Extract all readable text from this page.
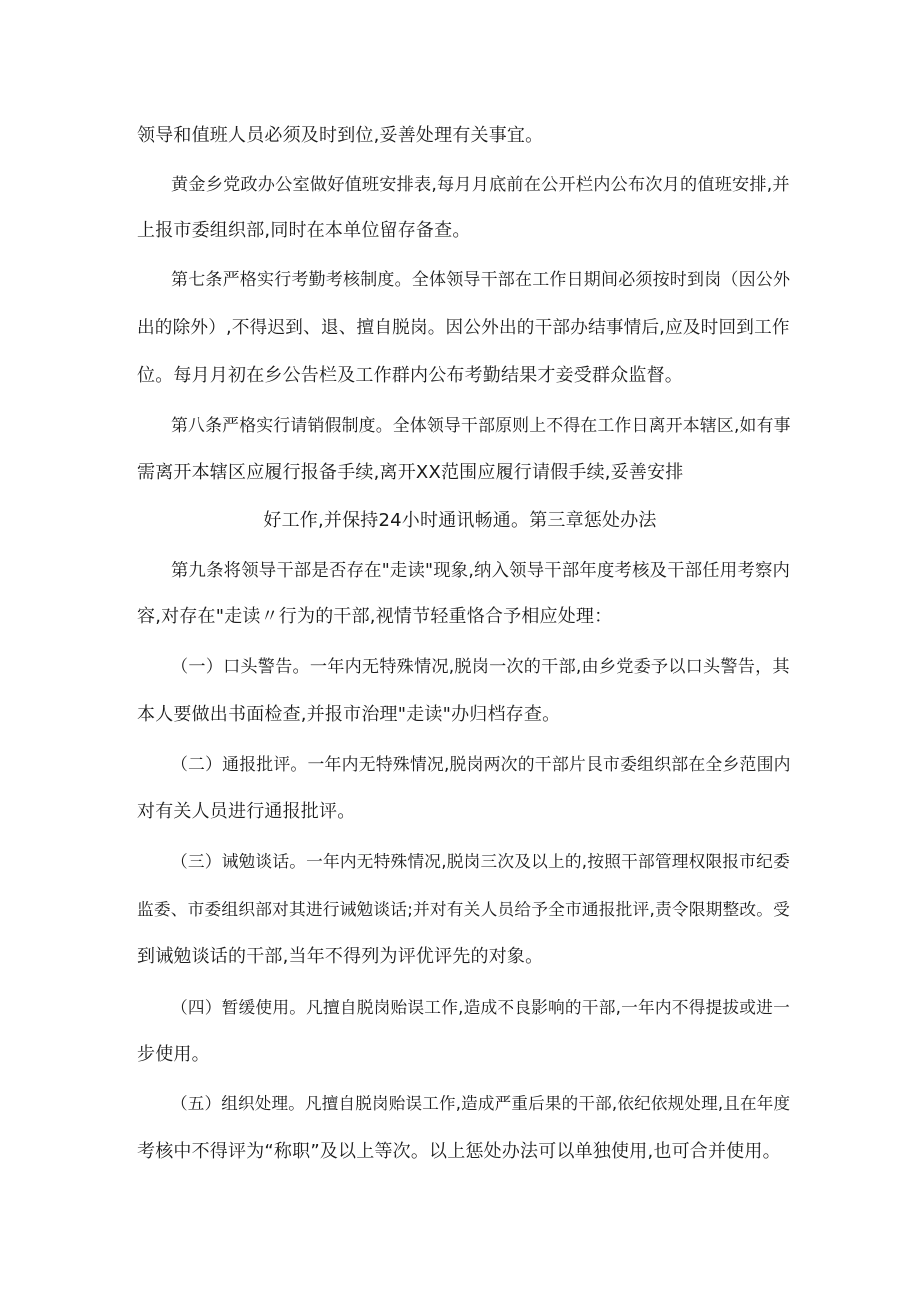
领导和值班人员必须及时到位,妥善处理有关事宜。
黄金乡党政办公室做好值班安排表,每月月底前在公开栏内公布次月的值班安排,并
上报市委组织部,同时在本单位留存备查。
第七条严格实行考勤考核制度。全体领导干部在工作日期间必须按时到岗（因公外
出的除外）,不得迟到、退、擅自脱岗。因公外出的干部办结事情后,应及时回到工作
位。每月月初在乡公告栏及工作群内公布考勤结果才妾受群众监督。
第八条严格实行请销假制度。全体领导干部原则上不得在工作日离开本辖区,如有事
需离开本辖区应履行报备手续,离开XX范围应履行请假手续,妥善安排
好工作,并保持24小时通讯畅通。第三章惩处办法
第九条将领导干部是否存在"走读"现象,纳入领导干部年度考核及干部任用考察内
容,对存在"走读〃行为的干部,视情节轻重恪合予相应处理：
（一）口头警告。一年内无特殊情况,脱岗一次的干部,由乡党委予以口头警告，其
本人要做出书面检查,并报市治理"走读"办归档存查。
（二）通报批评。一年内无特殊情况,脱岗两次的干部片艮市委组织部在全乡范围内
对有关人员进行通报批评。
（三）诫勉谈话。一年内无特殊情况,脱岗三次及以上的,按照干部管理权限报市纪委
监委、市委组织部对其进行诫勉谈话;并对有关人员给予全市通报批评,责令限期整改。受
到诫勉谈话的干部,当年不得列为评优评先的对象。
（四）暂缓使用。凡擅自脱岗贻误工作,造成不良影响的干部,一年内不得提拔或进一
步使用。
（五）组织处理。凡擅自脱岗贻误工作,造成严重后果的干部,依纪依规处理,且在年度
考核中不得评为“称职”及以上等次。以上惩处办法可以单独使用,也可合并使用。
